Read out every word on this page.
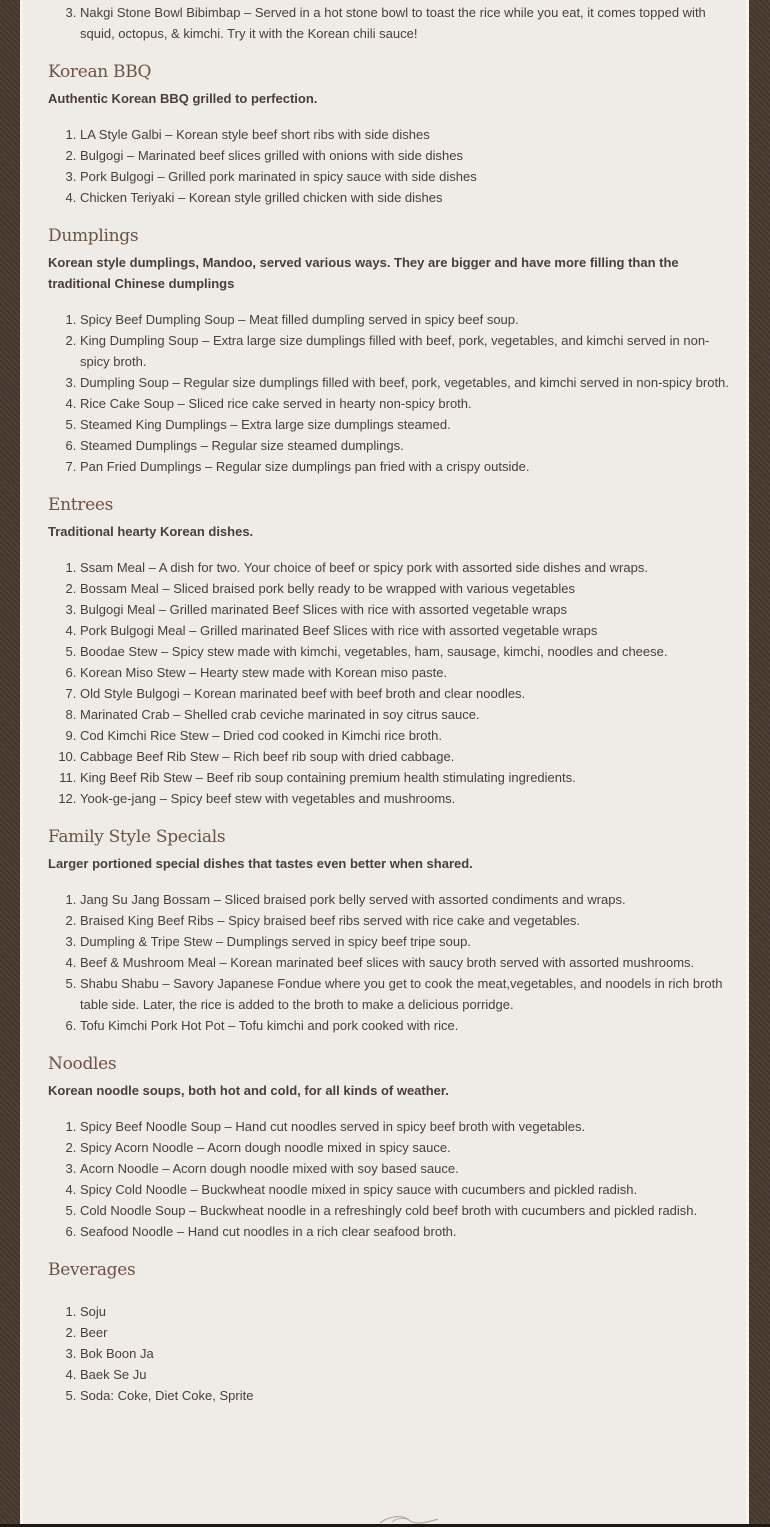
3. Nakgi Stone Bowl Bibimbap – Served in a hot stone bowl to toast the rice while you eat, it comes topped with squid, octopus, & kimchi. Try it with the Korean chili sauce!
Korean BBQ

Authentic Korean BBQ grilled to perfection.

1. LA Style Galbi – Korean style beef short ribs with side dishes
2. Bulgogi – Marinated beef slices grilled with onions with side dishes
3. Pork Bulgogi – Grilled pork marinated in spicy sauce with side dishes
4. Chicken Teriyaki – Korean style grilled chicken with side dishes
Dumplings

Korean style dumplings, Mandoo, served various ways. They are bigger and have more filling than the traditional Chinese dumplings

1. Spicy Beef Dumpling Soup – Meat filled dumpling served in spicy beef soup.
2. King Dumpling Soup – Extra large size dumplings filled with beef, pork, vegetables, and kimchi served in non-spicy broth.
3. Dumpling Soup – Regular size dumplings filled with beef, pork, vegetables, and kimchi served in non-spicy broth.
4. Rice Cake Soup – Sliced rice cake served in hearty non-spicy broth.
5. Steamed King Dumplings – Extra large size dumplings steamed.
6. Steamed Dumplings – Regular size steamed dumplings.
7. Pan Fried Dumplings – Regular size dumplings pan fried with a crispy outside.
Entrees

Traditional hearty Korean dishes.

1. Ssam Meal – A dish for two. Your choice of beef or spicy pork with assorted side dishes and wraps.
2. Bossam Meal – Sliced braised pork belly ready to be wrapped with various vegetables
3. Bulgogi Meal – Grilled marinated Beef Slices with rice with assorted vegetable wraps
4. Pork Bulgogi Meal – Grilled marinated Beef Slices with rice with assorted vegetable wraps
5. Boodae Stew – Spicy stew made with kimchi, vegetables, ham, sausage, kimchi, noodles and cheese.
6. Korean Miso Stew – Hearty stew made with Korean miso paste.
7. Old Style Bulgogi – Korean marinated beef with beef broth and clear noodles.
8. Marinated Crab – Shelled crab ceviche marinated in soy citrus sauce.
9. Cod Kimchi Rice Stew – Dried cod cooked in Kimchi rice broth.
10. Cabbage Beef Rib Stew – Rich beef rib soup with dried cabbage.
11. King Beef Rib Stew – Beef rib soup containing premium health stimulating ingredients.
12. Yook-ge-jang – Spicy beef stew with vegetables and mushrooms.
Family Style Specials

Larger portioned special dishes that tastes even better when shared.

1. Jang Su Jang Bossam – Sliced braised pork belly served with assorted condiments and wraps.
2. Braised King Beef Ribs – Spicy braised beef ribs served with rice cake and vegetables.
3. Dumpling & Tripe Stew – Dumplings served in spicy beef tripe soup.
4. Beef & Mushroom Meal – Korean marinated beef slices with saucy broth served with assorted mushrooms.
5. Shabu Shabu – Savory Japanese Fondue where you get to cook the meat,vegetables, and noodels in rich broth table side. Later, the rice is added to the broth to make a delicious porridge.
6. Tofu Kimchi Pork Hot Pot – Tofu kimchi and pork cooked with rice.
Noodles

Korean noodle soups, both hot and cold, for all kinds of weather.

1. Spicy Beef Noodle Soup – Hand cut noodles served in spicy beef broth with vegetables.
2. Spicy Acorn Noodle – Acorn dough noodle mixed in spicy sauce.
3. Acorn Noodle – Acorn dough noodle mixed with soy based sauce.
4. Spicy Cold Noodle – Buckwheat noodle mixed in spicy sauce with cucumbers and pickled radish.
5. Cold Noodle Soup – Buckwheat noodle in a refreshingly cold beef broth with cucumbers and pickled radish.
6. Seafood Noodle – Hand cut noodles in a rich clear seafood broth.
Beverages
1. Soju
2. Beer
3. Bok Boon Ja
4. Baek Se Ju
5. Soda: Coke, Diet Coke, Sprite
